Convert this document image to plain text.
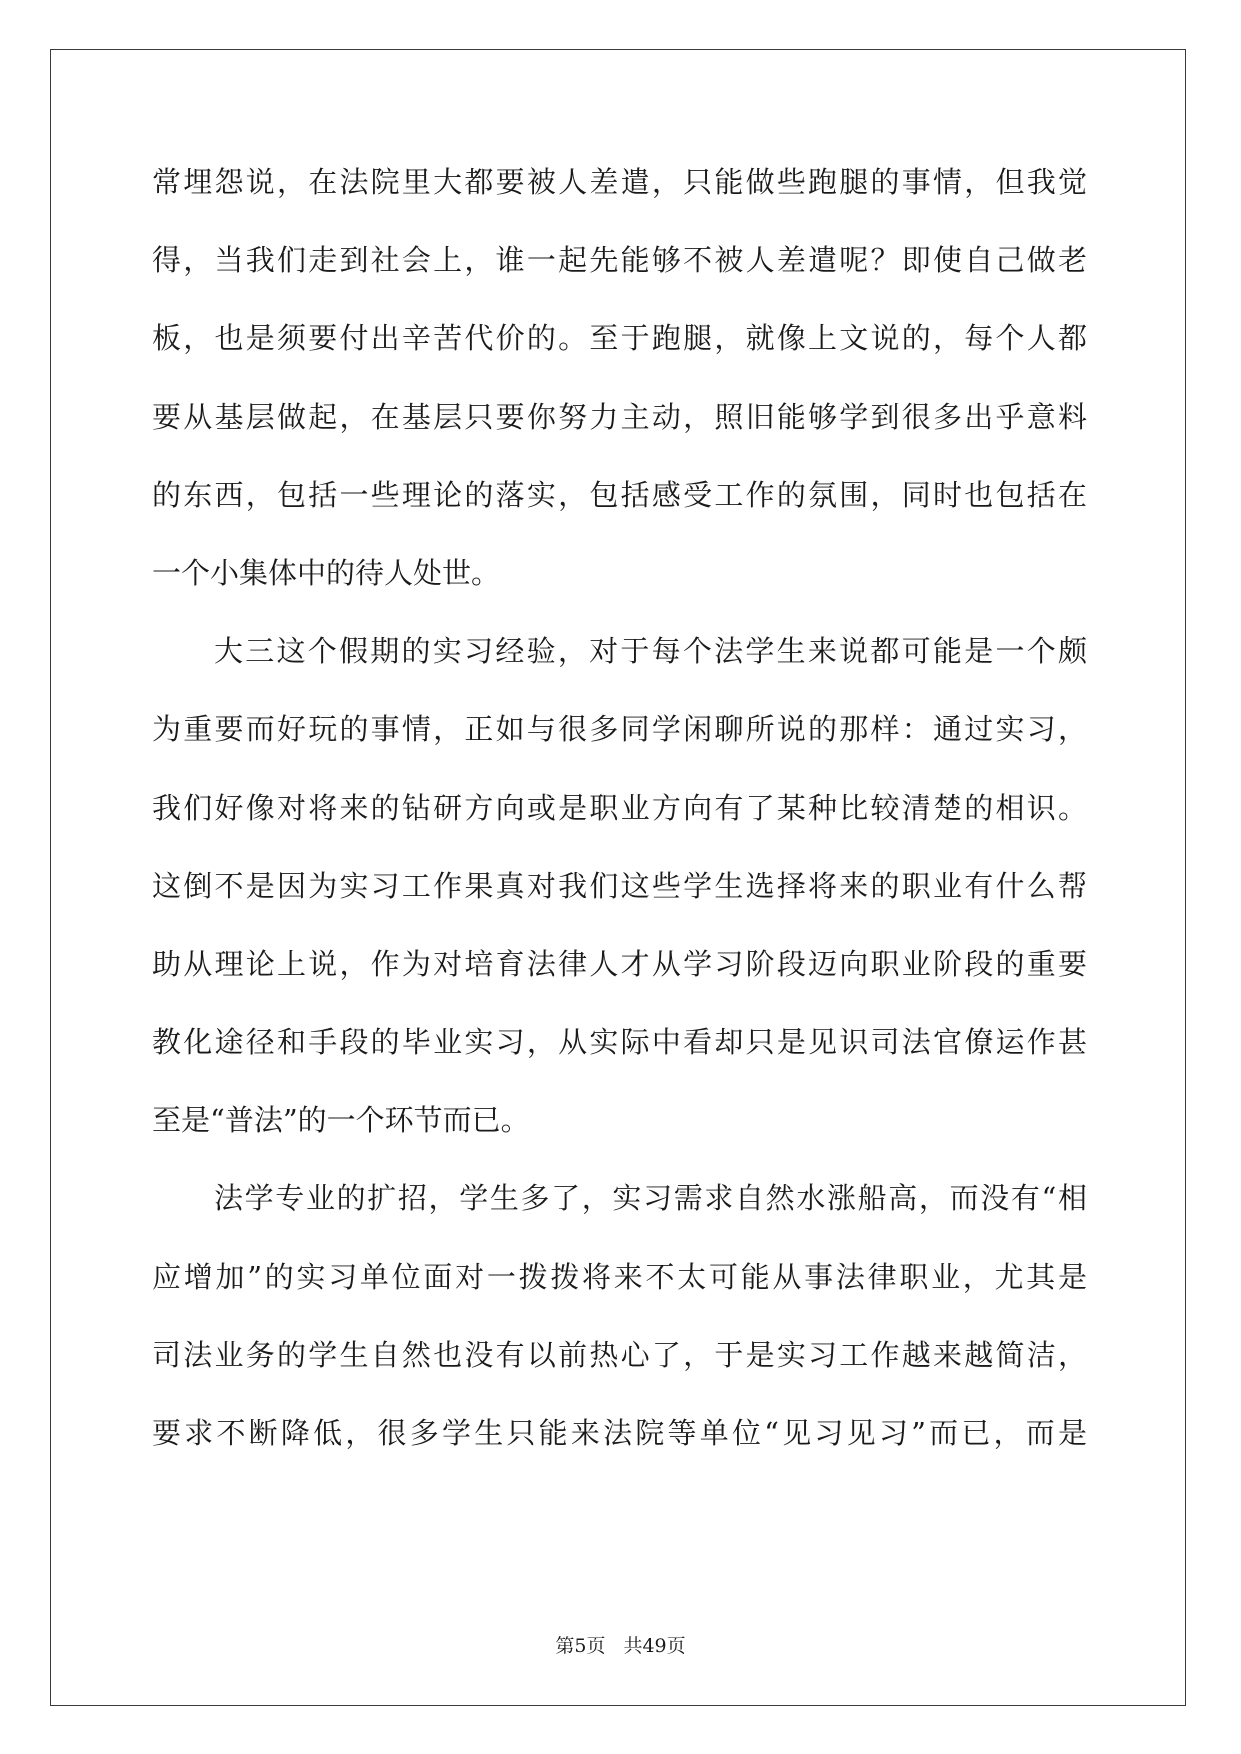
常埋怨说，在法院里大都要被人差遣，只能做些跑腿的事情，但我觉
得，当我们走到社会上，谁一起先能够不被人差遣呢？即使自己做老
板，也是须要付出辛苦代价的。至于跑腿，就像上文说的，每个人都
要从基层做起，在基层只要你努力主动，照旧能够学到很多出乎意料
的东西，包括一些理论的落实，包括感受工作的氛围，同时也包括在
一个小集体中的待人处世。
大三这个假期的实习经验，对于每个法学生来说都可能是一个颇
为重要而好玩的事情，正如与很多同学闲聊所说的那样：通过实习，
我们好像对将来的钻研方向或是职业方向有了某种比较清楚的相识。
这倒不是因为实习工作果真对我们这些学生选择将来的职业有什么帮
助从理论上说，作为对培育法律人才从学习阶段迈向职业阶段的重要
教化途径和手段的毕业实习，从实际中看却只是见识司法官僚运作甚
至是“普法”的一个环节而已。
法学专业的扩招，学生多了，实习需求自然水涨船高，而没有“相
应增加”的实习单位面对一拨拨将来不太可能从事法律职业，尤其是
司法业务的学生自然也没有以前热心了，于是实习工作越来越简洁，
要求不断降低，很多学生只能来法院等单位“见习见习”而已，而是
第5页 共49页
